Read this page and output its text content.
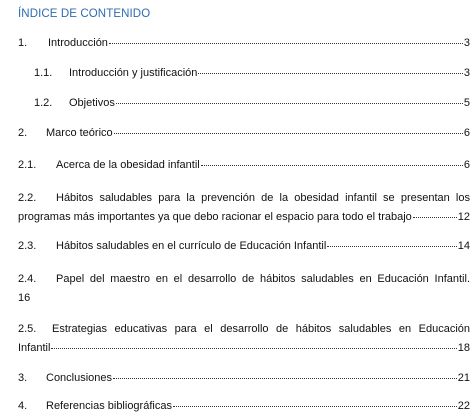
ÍNDICE DE CONTENIDO
1.	Introducción	3
1.1.	Introducción y justificación	3
1.2.	Objetivos	5
2.	Marco teórico	6
2.1.	Acerca de la obesidad infantil	6
2.2.	Hábitos saludables para la prevención de la obesidad infantil se presentan los
programas más importantes ya que debo racionar el espacio para todo el trabajo	12
2.3.	Hábitos saludables en el currículo de Educación Infantil	14
2.4.	Papel del maestro en el desarrollo de hábitos saludables en Educación Infantil.
16
2.5.	Estrategias educativas para el desarrollo de hábitos saludables en Educación
Infantil	18
3.	Conclusiones	21
4.	Referencias bibliográficas	22
